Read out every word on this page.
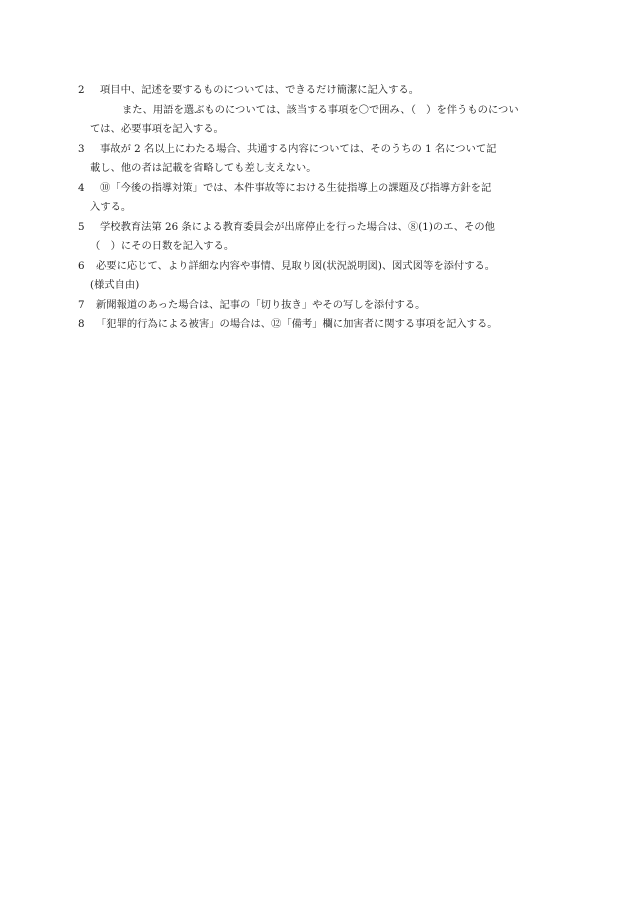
2	項目中、記述を要するものについては、できるだけ簡潔に記入する。
また、用語を選ぶものについては、該当する事項を〇で囲み、（　）を伴うものについ
ては、必要事項を記入する。
3	事故が 2 名以上にわたる場合、共通する内容については、そのうちの 1 名について記
載し、他の者は記載を省略しても差し支えない。
4	⑩「今後の指導対策」では、本件事故等における生徒指導上の課題及び指導方針を記
入する。
5	学校教育法第 26 条による教育委員会が出席停止を行った場合は、⑧(1)のエ、その他
（　）にその日数を記入する。
6	必要に応じて、より詳細な内容や事情、見取り図(状況説明図)、図式図等を添付する。
(様式自由)
7	新聞報道のあった場合は、記事の「切り抜き」やその写しを添付する。
8	「犯罪的行為による被害」の場合は、⑫「備考」欄に加害者に関する事項を記入する。
